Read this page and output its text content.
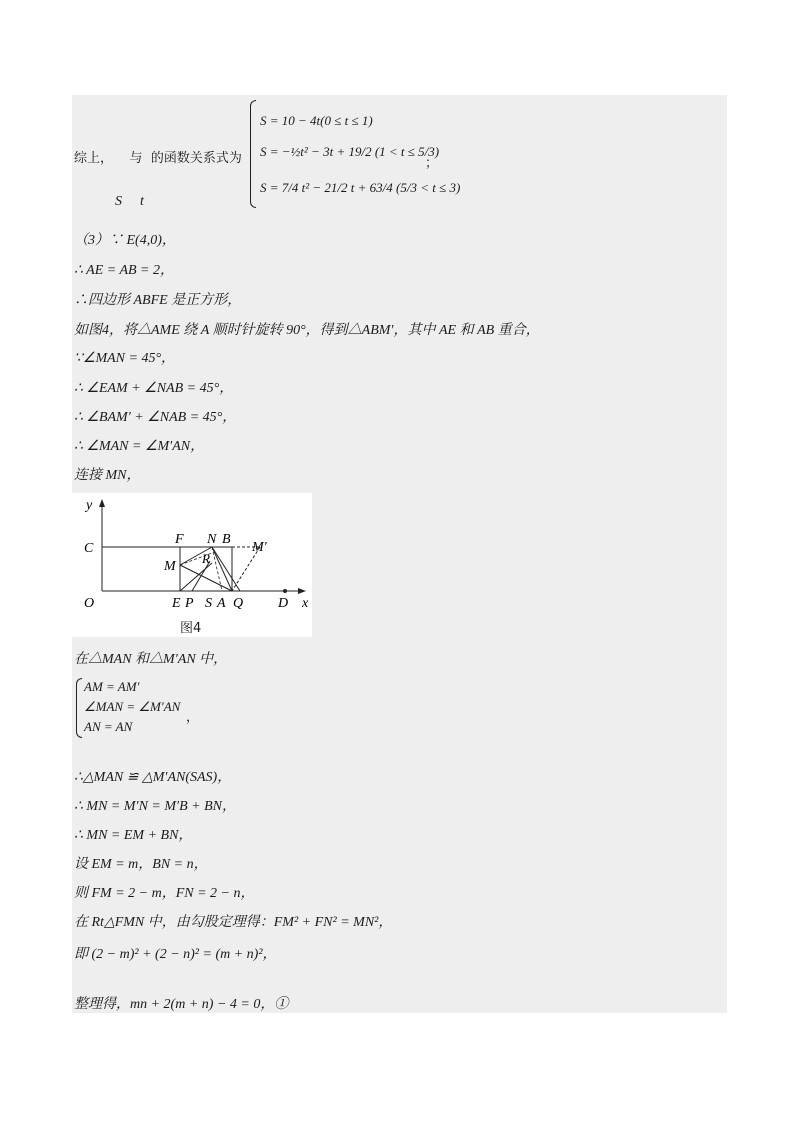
综上， 与 的函数关系式为
S t
S = 10 − 4t(0 ≤ t ≤ 1)
S = −½t² − 3t + 19/2 (1 < t ≤ 5/3)
S = 7/4 t² − 21/2 t + 63/4 (5/3 < t ≤ 3)
；
（3）∵ E(4,0)，
∴ AE = AB = 2，
∴四边形 ABFE 是正方形，
如图4，将△AME 绕 A 顺时针旋转 90°，得到△ABM′，其中 AE 和 AB 重合，
∵∠MAN = 45°，
∴ ∠EAM + ∠NAB = 45°，
∴ ∠BAM′ + ∠NAB = 45°，
∴ ∠MAN = ∠M′AN，
连接 MN，
y
x
O
C
F N B
M′
M
R
E P S A Q D
图4
在△MAN 和△M′AN 中，
AM = AM′
∠MAN = ∠M′AN
AN = AN
，
∴△MAN ≌ △M′AN(SAS)，
∴ MN = M′N = M′B + BN，
∴ MN = EM + BN，
设 EM = m，BN = n，
则 FM = 2 − m，FN = 2 − n，
在 Rt△FMN 中，由勾股定理得：FM² + FN² = MN²，
即 (2 − m)² + (2 − n)² = (m + n)²，
整理得，mn + 2(m + n) − 4 = 0，①
